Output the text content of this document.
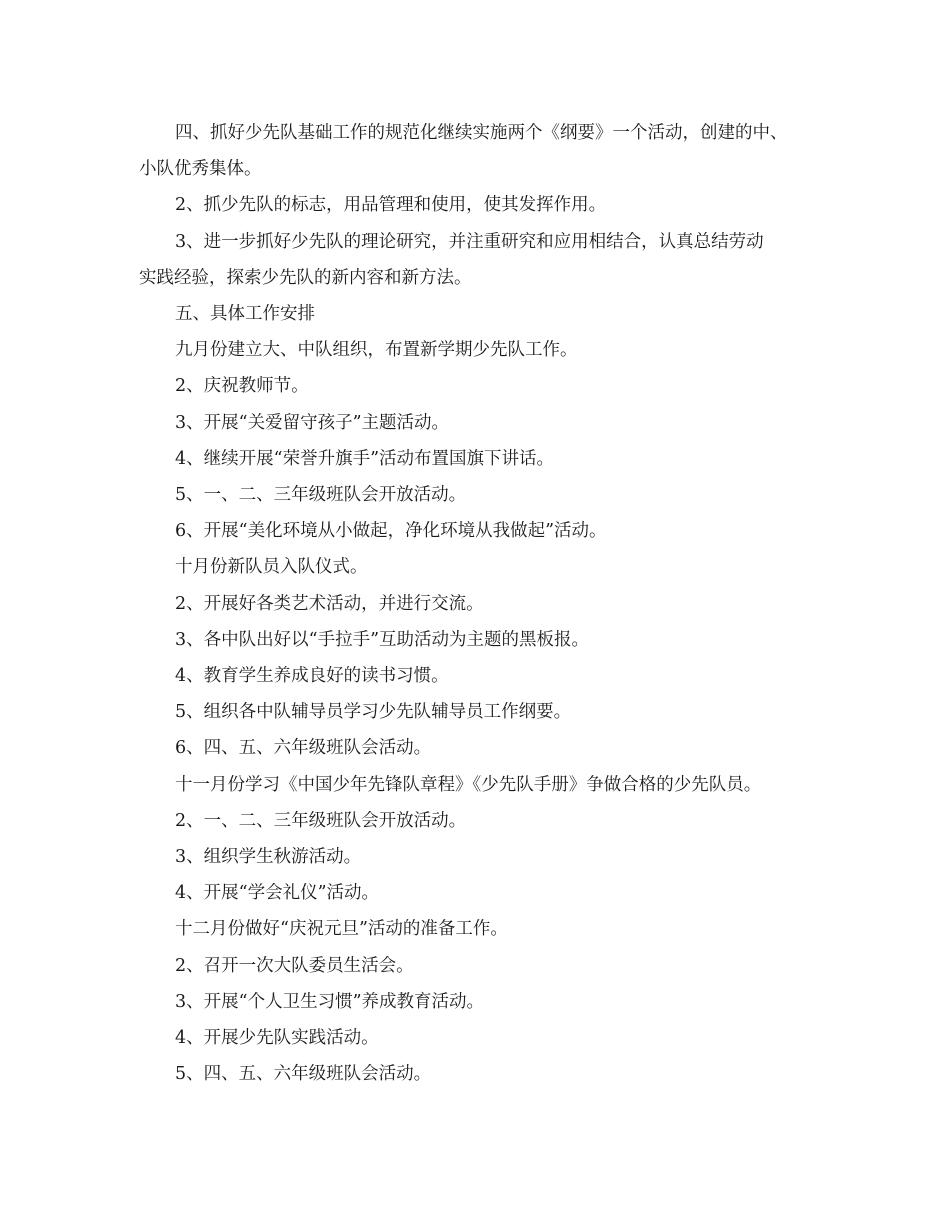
四、抓好少先队基础工作的规范化继续实施两个《纲要》一个活动，创建的中、

小队优秀集体。

2、抓少先队的标志，用品管理和使用，使其发挥作用。

3、进一步抓好少先队的理论研究，并注重研究和应用相结合，认真总结劳动

实践经验，探索少先队的新内容和新方法。

五、具体工作安排

九月份建立大、中队组织，布置新学期少先队工作。

2、庆祝教师节。

3、开展“关爱留守孩子”主题活动。

4、继续开展“荣誉升旗手”活动布置国旗下讲话。

5、一、二、三年级班队会开放活动。

6、开展“美化环境从小做起，净化环境从我做起”活动。

十月份新队员入队仪式。

2、开展好各类艺术活动，并进行交流。

3、各中队出好以“手拉手”互助活动为主题的黑板报。

4、教育学生养成良好的读书习惯。

5、组织各中队辅导员学习少先队辅导员工作纲要。

6、四、五、六年级班队会活动。

十一月份学习《中国少年先锋队章程》《少先队手册》争做合格的少先队员。

2、一、二、三年级班队会开放活动。

3、组织学生秋游活动。

4、开展“学会礼仪”活动。

十二月份做好“庆祝元旦”活动的准备工作。

2、召开一次大队委员生活会。

3、开展“个人卫生习惯”养成教育活动。

4、开展少先队实践活动。

5、四、五、六年级班队会活动。
